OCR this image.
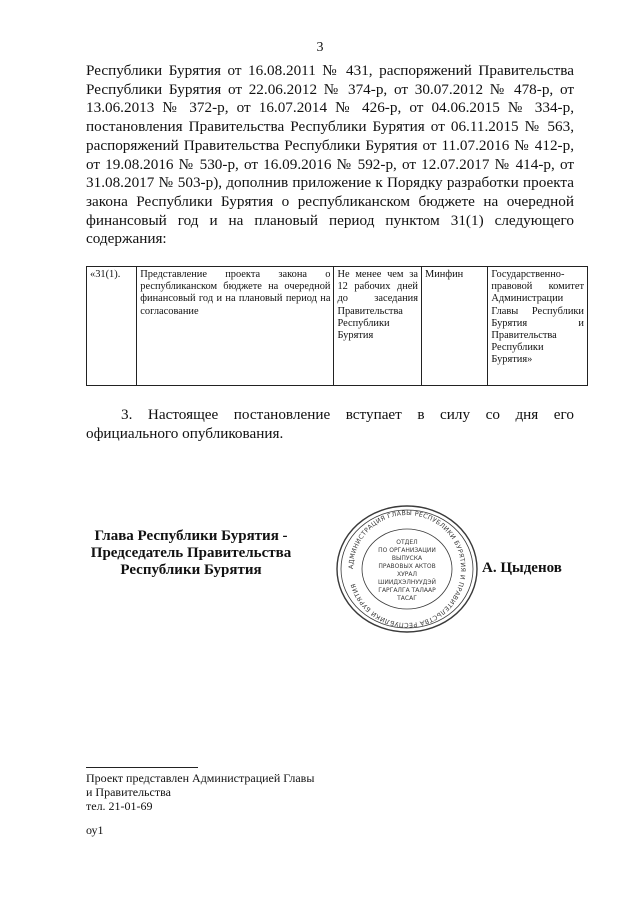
3
Республики Бурятия от 16.08.2011 № 431, распоряжений Правительства Республики Бурятия от 22.06.2012 № 374-р, от 30.07.2012 № 478-р, от 13.06.2013 № 372-р, от 16.07.2014 № 426-р, от 04.06.2015 № 334-р, постановления Правительства Республики Бурятия от 06.11.2015 № 563, распоряжений Правительства Республики Бурятия от 11.07.2016 № 412-р, от 19.08.2016 № 530-р, от 16.09.2016 № 592-р, от 12.07.2017 № 414-р, от 31.08.2017 № 503-р), дополнив приложение к Порядку разработки проекта закона Республики Бурятия о республиканском бюджете на очередной финансовый год и на плановый период пунктом 31(1) следующего содержания:
«31(1).	Представление проекта закона о республиканском бюджете на очередной финансовый год и на плановый период на согласование	Не менее чем за 12 рабочих дней до заседания Правительства Республики Бурятия	Минфин	Государственно-правовой комитет Администрации Главы Республики Бурятия и Правительства Республики Бурятия»
3. Настоящее постановление вступает в силу со дня его официального опубликования.
Глава Республики Бурятия -
Председатель Правительства
Республики Бурятия	АДМИНИСТРАЦИЯ ГЛАВЫ РЕСПУБЛИКИ БУРЯТИЯ И ПРАВИТЕЛЬСТВА РЕСПУБЛИКИ БУРЯТИЯ
ОТДЕЛ
ПО ОРГАНИЗАЦИИ
ВЫПУСКА
ПРАВОВЫХ АКТОВ
ХУРАЛ
ШИИДХЭЛНУУДЭЙ
ГАРГАЛГА ТАЛААР
ТАСАГ
А. Цыденов
Проект представлен Администрацией Главы
и Правительства
тел. 21-01-69
оу1
